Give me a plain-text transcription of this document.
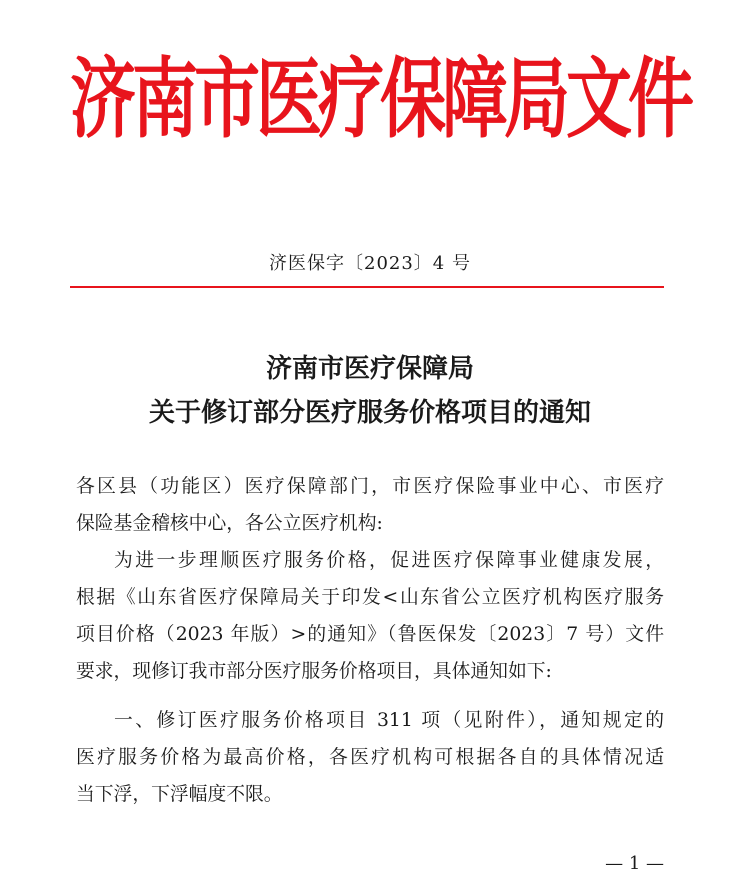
济南市医疗保障局文件
济医保字〔2023〕4 号
济南市医疗保障局
关于修订部分医疗服务价格项目的通知
各区县（功能区）医疗保障部门，市医疗保险事业中心、市医疗
保险基金稽核中心，各公立医疗机构:
为进一步理顺医疗服务价格，促进医疗保障事业健康发展，
根据《山东省医疗保障局关于印发<山东省公立医疗机构医疗服务
项目价格（2023 年版）>的通知》（鲁医保发〔2023〕7 号）文件
要求，现修订我市部分医疗服务价格项目，具体通知如下:
一、修订医疗服务价格项目 311 项（见附件），通知规定的
医疗服务价格为最高价格，各医疗机构可根据各自的具体情况适
当下浮，下浮幅度不限。
— 1 —
